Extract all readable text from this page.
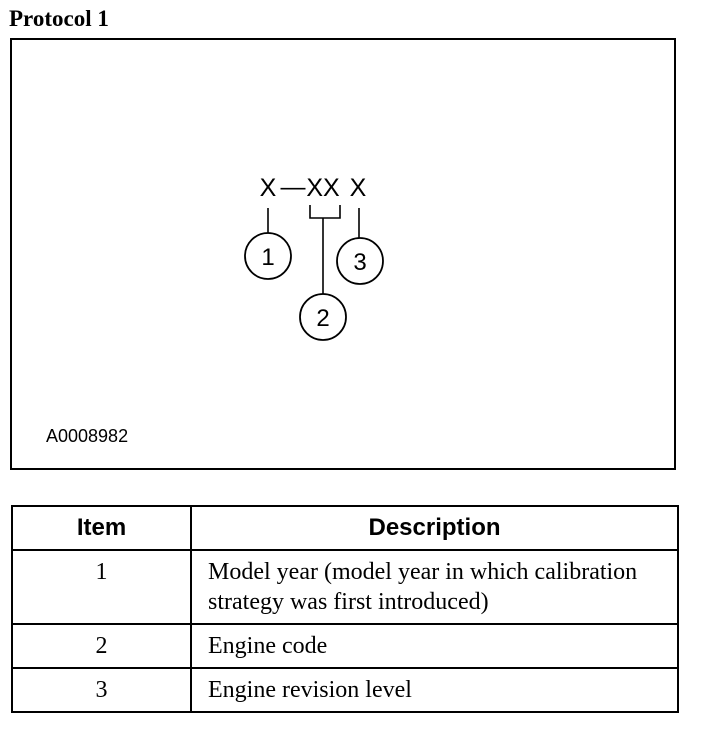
Protocol 1
X — XX X
1	3
2
A0008982
Item	Description
1	Model year (model year in which calibration strategy was first introduced)
2	Engine code
3	Engine revision level
